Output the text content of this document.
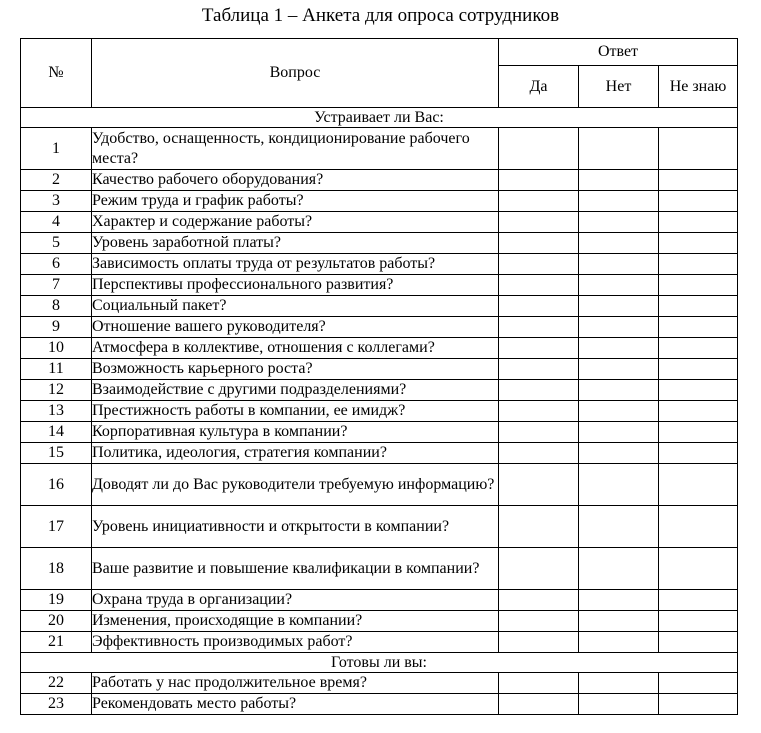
Таблица 1 – Анкета для опроса сотрудников
№	Вопрос	Ответ		
		Да	Нет	Не знаю
Устраивает ли Вас:				
1	Удобство, оснащенность, кондиционирование рабочего места?			
2	Качество рабочего оборудования?			
3	Режим труда и график работы?			
4	Характер и содержание работы?			
5	Уровень заработной платы?			
6	Зависимость оплаты труда от результатов работы?			
7	Перспективы профессионального развития?			
8	Социальный пакет?			
9	Отношение вашего руководителя?			
10	Атмосфера в коллективе, отношения с коллегами?			
11	Возможность карьерного роста?			
12	Взаимодействие с другими подразделениями?			
13	Престижность работы в компании, ее имидж?			
14	Корпоративная культура в компании?			
15	Политика, идеология, стратегия компании?			
16	Доводят ли до Вас руководители требуемую информацию?			
17	Уровень инициативности и открытости в компании?			
18	Ваше развитие и повышение квалификации в компании?			
19	Охрана труда в организации?			
20	Изменения, происходящие в компании?			
21	Эффективность производимых работ?			
Готовы ли вы:				
22	Работать у нас продолжительное время?			
23	Рекомендовать место работы?			
